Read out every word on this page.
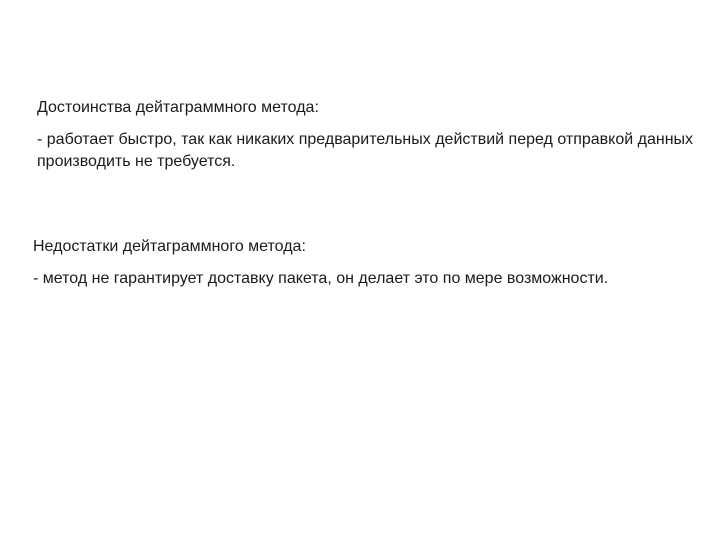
Достоинства дейтаграммного метода:

- работает быстро, так как никаких предварительных действий перед отправкой данных производить не требуется.

Недостатки дейтаграммного метода:

- метод не гарантирует доставку пакета, он делает это по мере возможности.
